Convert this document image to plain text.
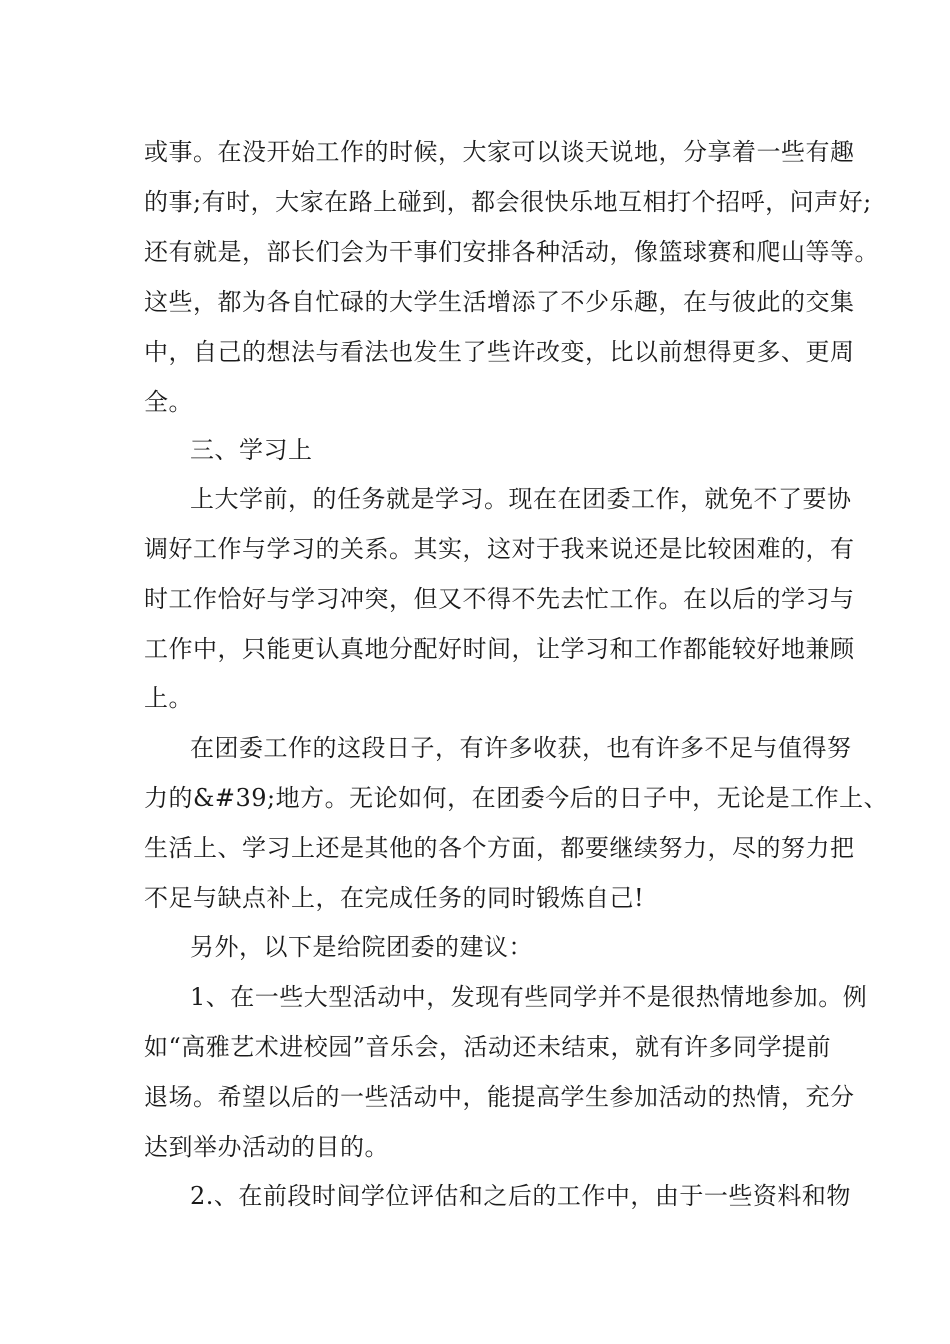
或事。在没开始工作的时候，大家可以谈天说地，分享着一些有趣
的事;有时，大家在路上碰到，都会很快乐地互相打个招呼，问声好;
还有就是，部长们会为干事们安排各种活动，像篮球赛和爬山等等。
这些，都为各自忙碌的大学生活增添了不少乐趣，在与彼此的交集
中，自己的想法与看法也发生了些许改变，比以前想得更多、更周
全。
三、学习上
上大学前，的任务就是学习。现在在团委工作，就免不了要协
调好工作与学习的关系。其实，这对于我来说还是比较困难的，有
时工作恰好与学习冲突，但又不得不先去忙工作。在以后的学习与
工作中，只能更认真地分配好时间，让学习和工作都能较好地兼顾
上。
在团委工作的这段日子，有许多收获，也有许多不足与值得努
力的&#39;地方。无论如何，在团委今后的日子中，无论是工作上、
生活上、学习上还是其他的各个方面，都要继续努力，尽的努力把
不足与缺点补上，在完成任务的同时锻炼自己!
另外，以下是给院团委的建议：
1、在一些大型活动中，发现有些同学并不是很热情地参加。例
如“高雅艺术进校园”音乐会，活动还未结束，就有许多同学提前
退场。希望以后的一些活动中，能提高学生参加活动的热情，充分
达到举办活动的目的。
2.、在前段时间学位评估和之后的工作中，由于一些资料和物
